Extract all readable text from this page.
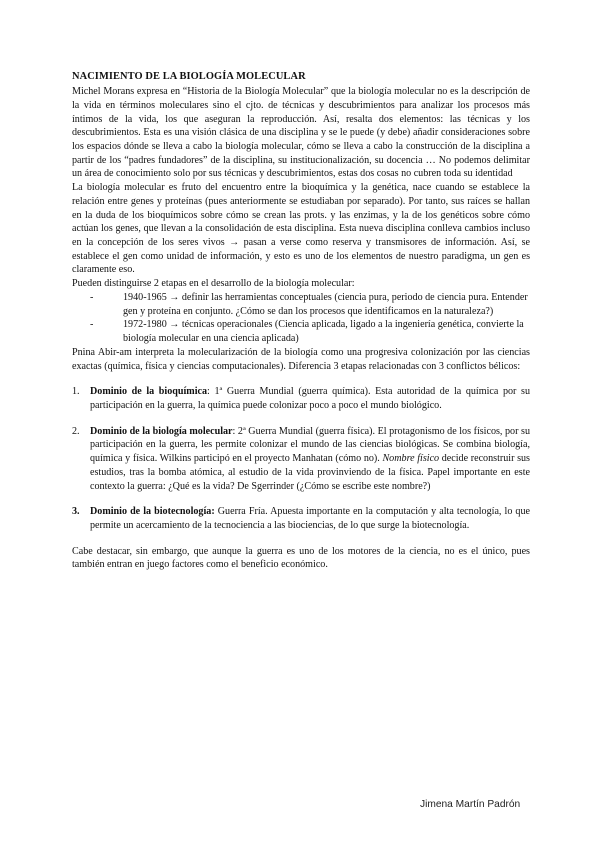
NACIMIENTO DE LA BIOLOGÍA MOLECULAR

Michel Morans expresa en “Historia de la Biología Molecular” que la biología molecular no es la descripción de la vida en términos moleculares sino el cjto. de técnicas y descubrimientos para analizar los procesos más íntimos de la vida, los que aseguran la reproducción. Así, resalta dos elementos: las técnicas y los descubrimientos. Esta es una visión clásica de una disciplina y se le puede (y debe) añadir consideraciones sobre los espacios dónde se lleva a cabo la biología molecular, cómo se lleva a cabo la construcción de la disciplina a partir de los “padres fundadores” de la disciplina, su institucionalización, su docencia … No podemos delimitar un área de conocimiento solo por sus técnicas y descubrimientos, estas dos cosas no cubren toda su identidad

La biología molecular es fruto del encuentro entre la bioquímica y la genética, nace cuando se establece la relación entre genes y proteínas (pues anteriormente se estudiaban por separado). Por tanto, sus raíces se hallan en la duda de los bioquímicos sobre cómo se crean las prots. y las enzimas, y la de los genéticos sobre cómo actúan los genes, que llevan a la consolidación de esta disciplina. Esta nueva disciplina conlleva cambios incluso en la concepción de los seres vivos → pasan a verse como reserva y transmisores de información. Así, se establece el gen como unidad de información, y esto es uno de los elementos de nuestro paradigma, un gen es claramente eso.

Pueden distinguirse 2 etapas en el desarrollo de la biología molecular:

-	1940-1965 → definir las herramientas conceptuales (ciencia pura, periodo de ciencia pura. Entender gen y proteína en conjunto. ¿Cómo se dan los procesos que identificamos en la naturaleza?)
-	1972-1980 → técnicas operacionales (Ciencia aplicada, ligado a la ingeniería genética, convierte la biología molecular en una ciencia aplicada)

Pnina Abir-am interpreta la molecularización de la biología como una progresiva colonización por las ciencias exactas (química, física y ciencias computacionales). Diferencia 3 etapas relacionadas con 3 conflictos bélicos:

1. Dominio de la bioquímica: 1ª Guerra Mundial (guerra química). Esta autoridad de la química por su participación en la guerra, la química puede colonizar poco a poco el mundo biológico.

2. Dominio de la biología molecular: 2ª Guerra Mundial (guerra física). El protagonismo de los físicos, por su participación en la guerra, les permite colonizar el mundo de las ciencias biológicas. Se combina biología, química y física. Wilkins participó en el proyecto Manhatan (cómo no). Nombre físico decide reconstruir sus estudios, tras la bomba atómica, al estudio de la vida provinviendo de la física. Papel importante en este contexto la guerra: ¿Qué es la vida? De Sgerrinder (¿Cómo se escribe este nombre?)

3. Dominio de la biotecnología: Guerra Fría. Apuesta importante en la computación y alta tecnología, lo que permite un acercamiento de la tecnociencia a las biociencias, de lo que surge la biotecnología.

Cabe destacar, sin embargo, que aunque la guerra es uno de los motores de la ciencia, no es el único, pues también entran en juego factores como el beneficio económico.

Jimena Martín Padrón
